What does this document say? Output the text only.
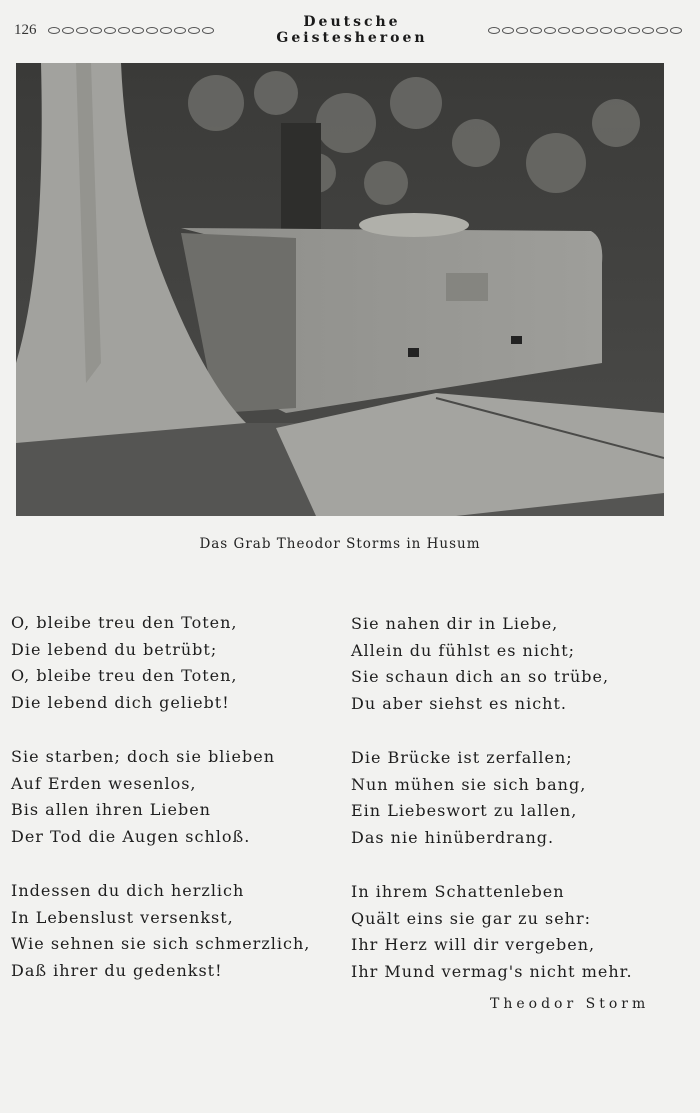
126	Deutsche Geistesheroen
Das Grab Theodor Storms in Husum
O, bleibe treu den Toten,
Die lebend du betrübt;
O, bleibe treu den Toten,
Die lebend dich geliebt!
Sie starben; doch sie blieben
Auf Erden wesenlos,
Bis allen ihren Lieben
Der Tod die Augen schloß.
Indessen du dich herzlich
In Lebenslust versenkst,
Wie sehnen sie sich schmerzlich,
Daß ihrer du gedenkst!
Sie nahen dir in Liebe,
Allein du fühlst es nicht;
Sie schaun dich an so trübe,
Du aber siehst es nicht.
Die Brücke ist zerfallen;
Nun mühen sie sich bang,
Ein Liebeswort zu lallen,
Das nie hinüberdrang.
In ihrem Schattenleben
Quält eins sie gar zu sehr:
Ihr Herz will dir vergeben,
Ihr Mund vermag's nicht mehr.
Theodor Storm
